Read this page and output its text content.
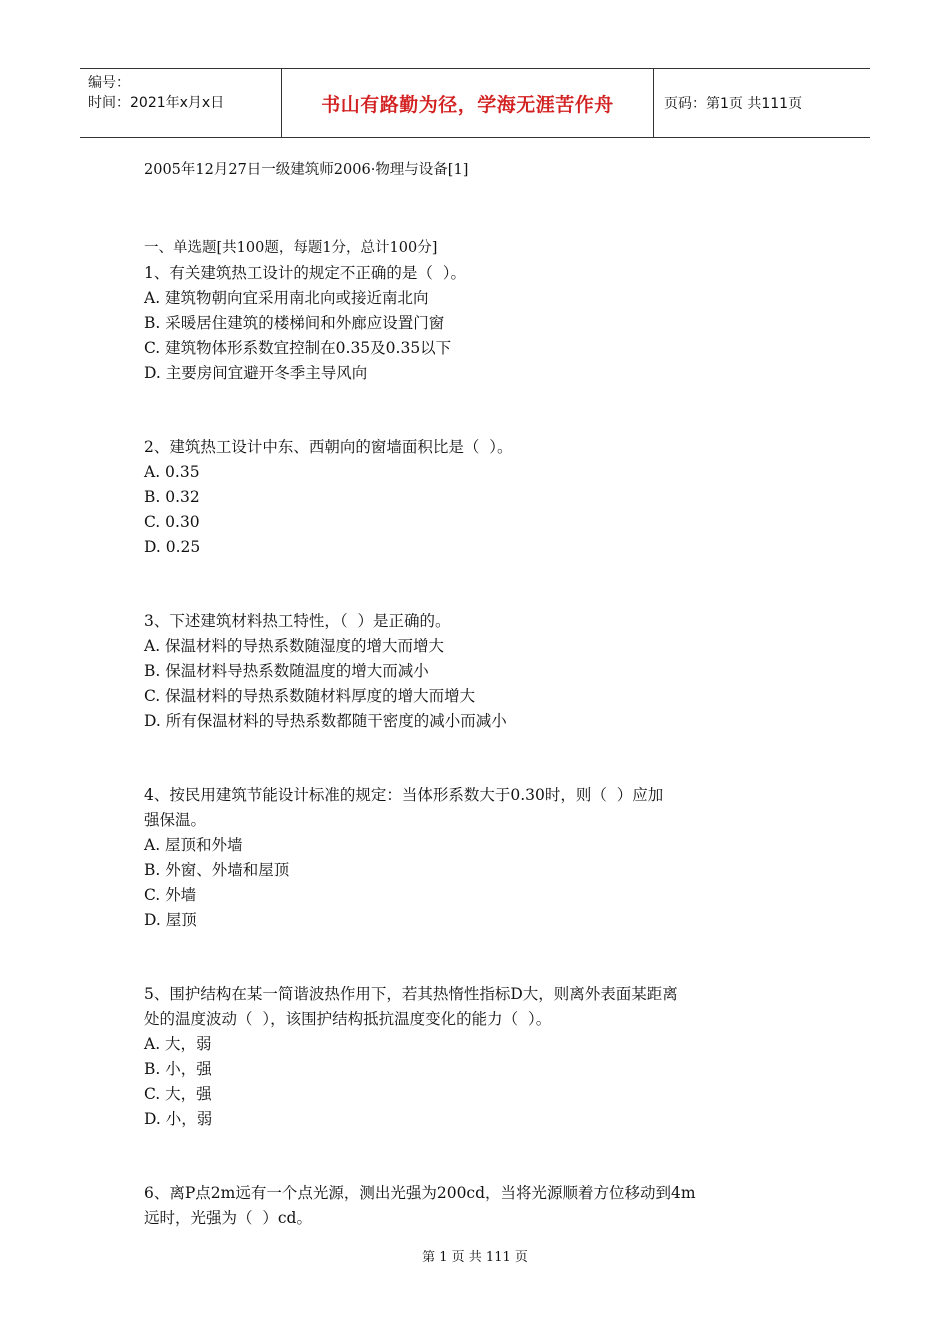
编号：
时间：2021年x月x日	书山有路勤为径，学海无涯苦作舟	页码：第1页 共111页

2005年12月27日一级建筑师2006·物理与设备[1]

一、单选题[共100题，每题1分，总计100分]

1、有关建筑热工设计的规定不正确的是（  ）。

A. 建筑物朝向宜采用南北向或接近南北向

B. 采暖居住建筑的楼梯间和外廊应设置门窗

C. 建筑物体形系数宜控制在0.35及0.35以下

D. 主要房间宜避开冬季主导风向

2、建筑热工设计中东、西朝向的窗墙面积比是（  ）。

A. 0.35

B. 0.32

C. 0.30

D. 0.25

3、下述建筑材料热工特性，（  ）是正确的。

A. 保温材料的导热系数随湿度的增大而增大

B. 保温材料导热系数随温度的增大而减小

C. 保温材料的导热系数随材料厚度的增大而增大

D. 所有保温材料的导热系数都随干密度的减小而减小

4、按民用建筑节能设计标准的规定：当体形系数大于0.30时，则（  ）应加

强保温。

A. 屋顶和外墙

B. 外窗、外墙和屋顶

C. 外墙

D. 屋顶

5、围护结构在某一简谐波热作用下，若其热惰性指标D大，则离外表面某距离

处的温度波动（  ），该围护结构抵抗温度变化的能力（  ）。

A. 大，弱

B. 小，强

C. 大，强

D. 小，弱

6、离P点2m远有一个点光源，测出光强为200cd，当将光源顺着方位移动到4m

远时，光强为（  ）cd。

第 1 页 共 111 页
